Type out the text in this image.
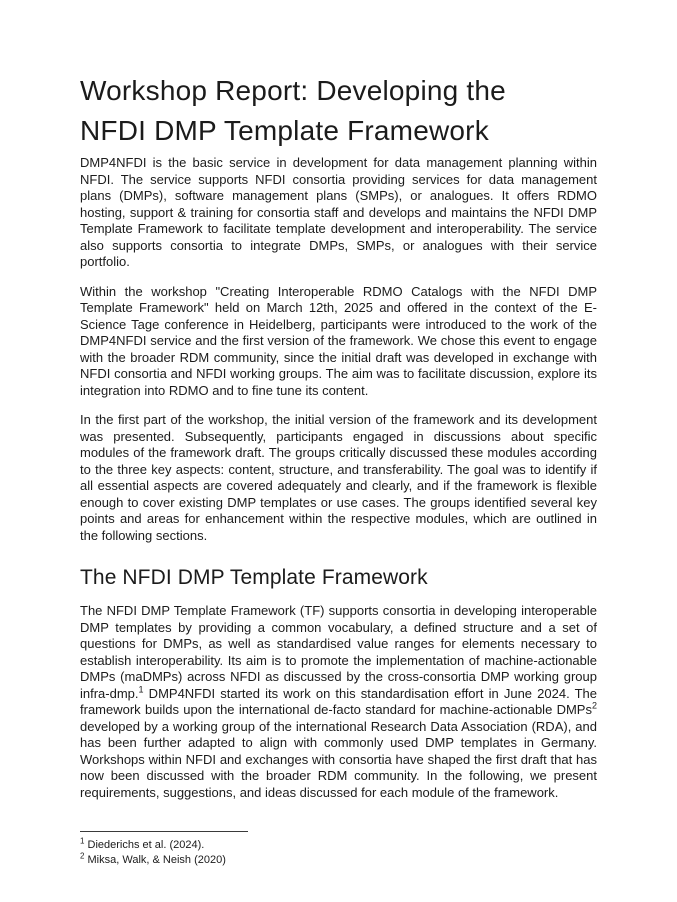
Workshop Report: Developing the
NFDI DMP Template Framework

DMP4NFDI is the basic service in development for data management planning within NFDI. The service supports NFDI consortia providing services for data management plans (DMPs), software management plans (SMPs), or analogues. It offers RDMO hosting, support & training for consortia staff and develops and maintains the NFDI DMP Template Framework to facilitate template development and interoperability. The service also supports consortia to integrate DMPs, SMPs, or analogues with their service portfolio.

Within the workshop "Creating Interoperable RDMO Catalogs with the NFDI DMP Template Framework" held on March 12th, 2025 and offered in the context of the E-Science Tage conference in Heidelberg, participants were introduced to the work of the DMP4NFDI service and the first version of the framework. We chose this event to engage with the broader RDM community, since the initial draft was developed in exchange with NFDI consortia and NFDI working groups. The aim was to facilitate discussion, explore its integration into RDMO and to fine tune its content.

In the first part of the workshop, the initial version of the framework and its development was presented. Subsequently, participants engaged in discussions about specific modules of the framework draft. The groups critically discussed these modules according to the three key aspects: content, structure, and transferability. The goal was to identify if all essential aspects are covered adequately and clearly, and if the framework is flexible enough to cover existing DMP templates or use cases. The groups identified several key points and areas for enhancement within the respective modules, which are outlined in the following sections.

The NFDI DMP Template Framework

The NFDI DMP Template Framework (TF) supports consortia in developing interoperable DMP templates by providing a common vocabulary, a defined structure and a set of questions for DMPs, as well as standardised value ranges for elements necessary to establish interoperability. Its aim is to promote the implementation of machine-actionable DMPs (maDMPs) across NFDI as discussed by the cross-consortia DMP working group infra-dmp.$^1$ DMP4NFDI started its work on this standardisation effort in June 2024. The framework builds upon the international de-facto standard for machine-actionable DMPs$^2$ developed by a working group of the international Research Data Association (RDA), and has been further adapted to align with commonly used DMP templates in Germany. Workshops within NFDI and exchanges with consortia have shaped the first draft that has now been discussed with the broader RDM community. In the following, we present requirements, suggestions, and ideas discussed for each module of the framework.

$^1$ Diederichs et al. (2024).
$^2$ Miksa, Walk, & Neish (2020)
